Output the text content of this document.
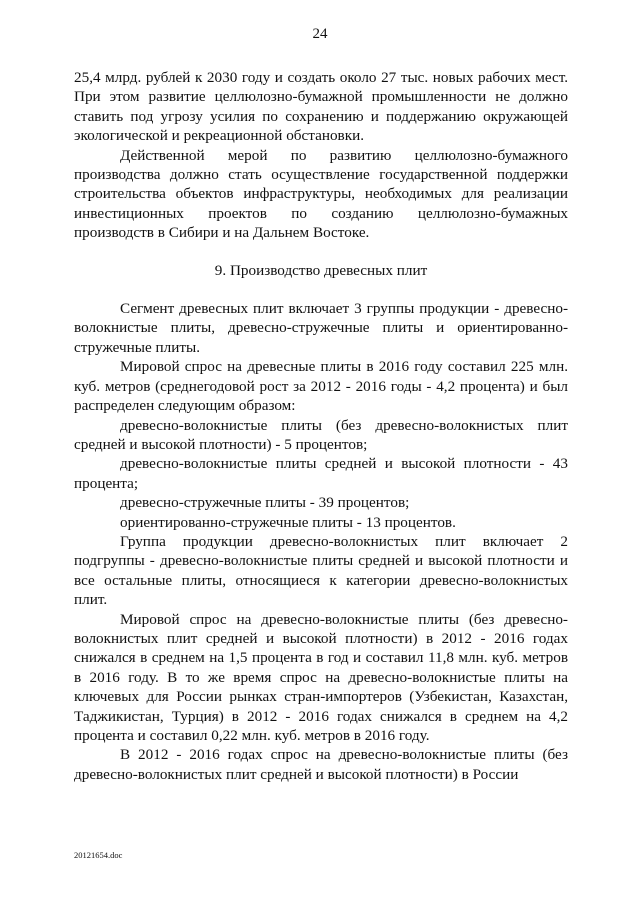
24

25,4 млрд. рублей к 2030 году и создать около 27 тыс. новых рабочих мест. При этом развитие целлюлозно-бумажной промышленности не должно ставить под угрозу усилия по сохранению и поддержанию окружающей экологической и рекреационной обстановки.

Действенной мерой по развитию целлюлозно-бумажного производства должно стать осуществление государственной поддержки строительства объектов инфраструктуры, необходимых для реализации инвестиционных проектов по созданию целлюлозно-бумажных производств в Сибири и на Дальнем Востоке.

9. Производство древесных плит

Сегмент древесных плит включает 3 группы продукции - древесно-волокнистые плиты, древесно-стружечные плиты и ориентированно-стружечные плиты.

Мировой спрос на древесные плиты в 2016 году составил 225 млн. куб. метров (среднегодовой рост за 2012 - 2016 годы - 4,2 процента) и был распределен следующим образом:

древесно-волокнистые плиты (без древесно-волокнистых плит средней и высокой плотности) - 5 процентов;

древесно-волокнистые плиты средней и высокой плотности - 43 процента;

древесно-стружечные плиты - 39 процентов;

ориентированно-стружечные плиты - 13 процентов.

Группа продукции древесно-волокнистых плит включает 2 подгруппы - древесно-волокнистые плиты средней и высокой плотности и все остальные плиты, относящиеся к категории древесно-волокнистых плит.

Мировой спрос на древесно-волокнистые плиты (без древесно-волокнистых плит средней и высокой плотности) в 2012 - 2016 годах снижался в среднем на 1,5 процента в год и составил 11,8 млн. куб. метров в 2016 году. В то же время спрос на древесно-волокнистые плиты на ключевых для России рынках стран-импортеров (Узбекистан, Казахстан, Таджикистан, Турция) в 2012 - 2016 годах снижался в среднем на 4,2 процента и составил 0,22 млн. куб. метров в 2016 году.

В 2012 - 2016 годах спрос на древесно-волокнистые плиты (без древесно-волокнистых плит средней и высокой плотности) в России

20121654.doc
